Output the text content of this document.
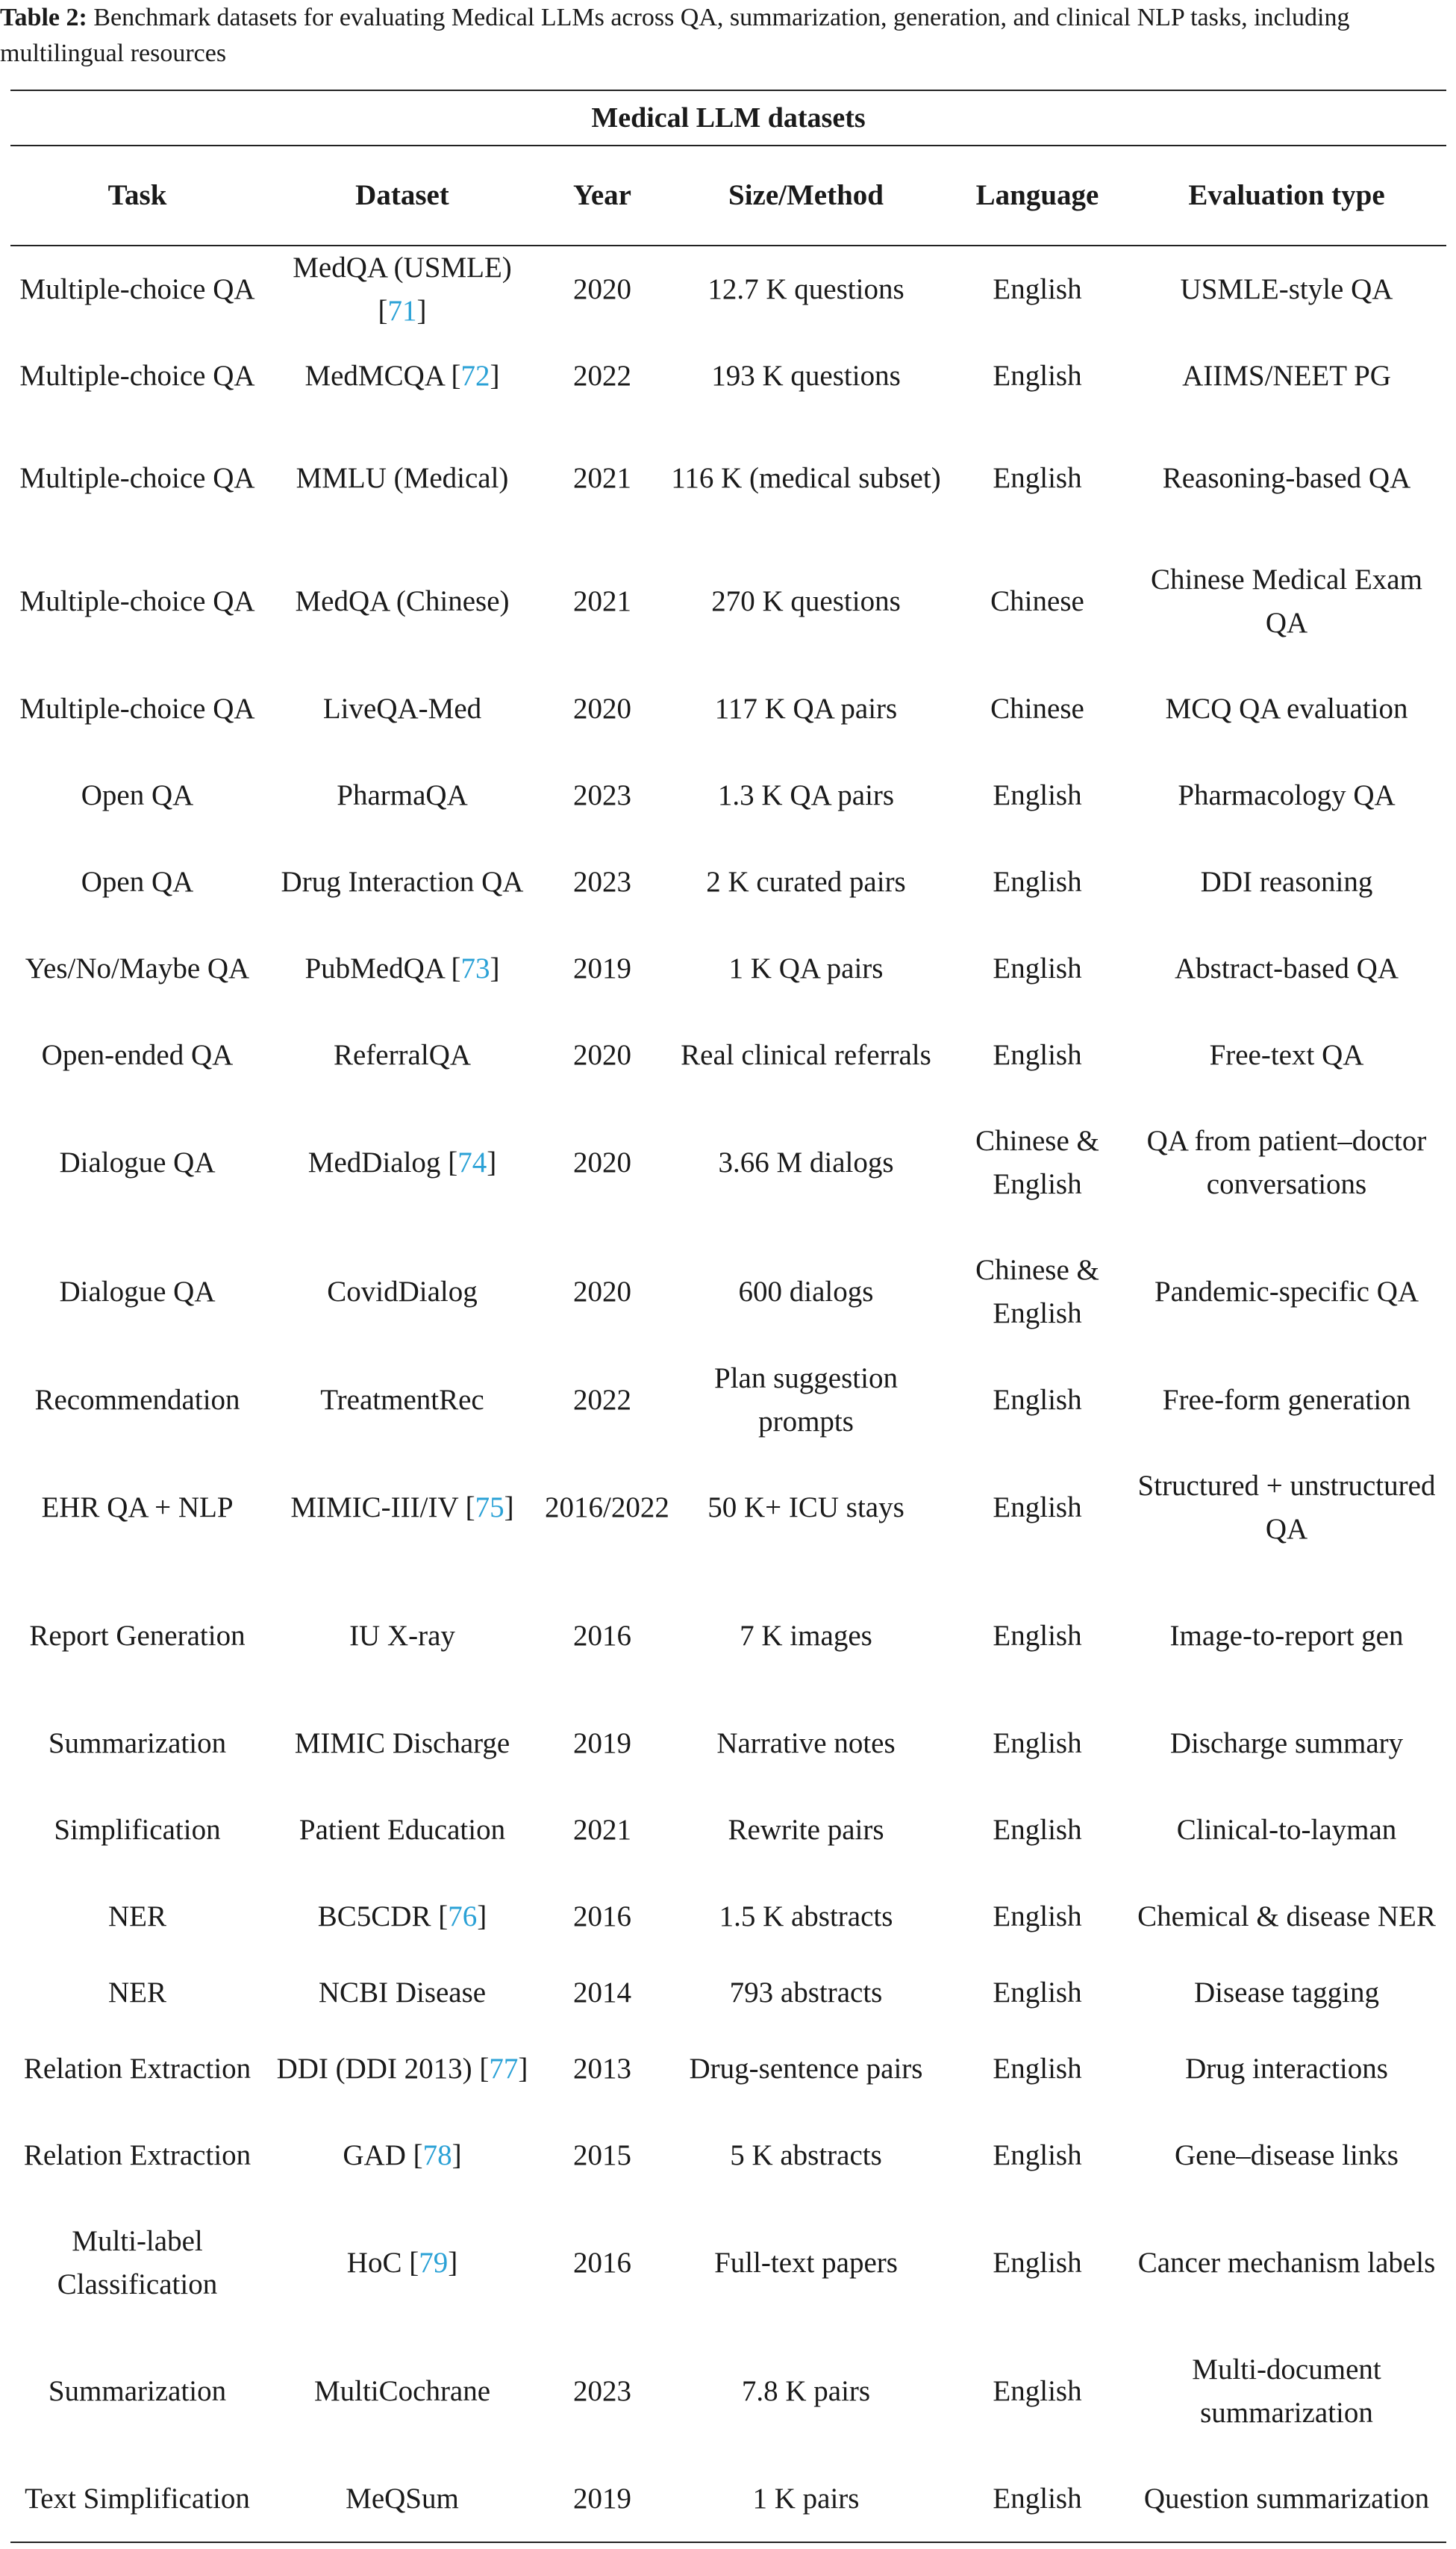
Table 2: Benchmark datasets for evaluating Medical LLMs across QA, summarization, generation, and clinical NLP tasks, including multilingual resources
Medical LLM datasets
Task	Dataset	Year	Size/Method	Language	Evaluation type
Multiple-choice QA	MedQA (USMLE) [71]	2020	12.7 K questions	English	USMLE-style QA
Multiple-choice QA	MedMCQA [72]	2022	193 K questions	English	AIIMS/NEET PG
Multiple-choice QA	MMLU (Medical)	2021	116 K (medical subset)	English	Reasoning-based QA
Multiple-choice QA	MedQA (Chinese)	2021	270 K questions	Chinese	Chinese Medical Exam QA
Multiple-choice QA	LiveQA-Med	2020	117 K QA pairs	Chinese	MCQ QA evaluation
Open QA	PharmaQA	2023	1.3 K QA pairs	English	Pharmacology QA
Open QA	Drug Interaction QA	2023	2 K curated pairs	English	DDI reasoning
Yes/No/Maybe QA	PubMedQA [73]	2019	1 K QA pairs	English	Abstract-based QA
Open-ended QA	ReferralQA	2020	Real clinical referrals	English	Free-text QA
Dialogue QA	MedDialog [74]	2020	3.66 M dialogs	Chinese & English	QA from patient–doctor conversations
Dialogue QA	CovidDialog	2020	600 dialogs	Chinese & English	Pandemic-specific QA
Recommendation	TreatmentRec	2022	Plan suggestion prompts	English	Free-form generation
EHR QA + NLP	MIMIC-III/IV [75]	2016/2022	50 K+ ICU stays	English	Structured + unstructured QA
Report Generation	IU X-ray	2016	7 K images	English	Image-to-report gen
Summarization	MIMIC Discharge	2019	Narrative notes	English	Discharge summary
Simplification	Patient Education	2021	Rewrite pairs	English	Clinical-to-layman
NER	BC5CDR [76]	2016	1.5 K abstracts	English	Chemical & disease NER
NER	NCBI Disease	2014	793 abstracts	English	Disease tagging
Relation Extraction	DDI (DDI 2013) [77]	2013	Drug-sentence pairs	English	Drug interactions
Relation Extraction	GAD [78]	2015	5 K abstracts	English	Gene–disease links
Multi-label Classification	HoC [79]	2016	Full-text papers	English	Cancer mechanism labels
Summarization	MultiCochrane	2023	7.8 K pairs	English	Multi-document summarization
Text Simplification	MeQSum	2019	1 K pairs	English	Question summarization
